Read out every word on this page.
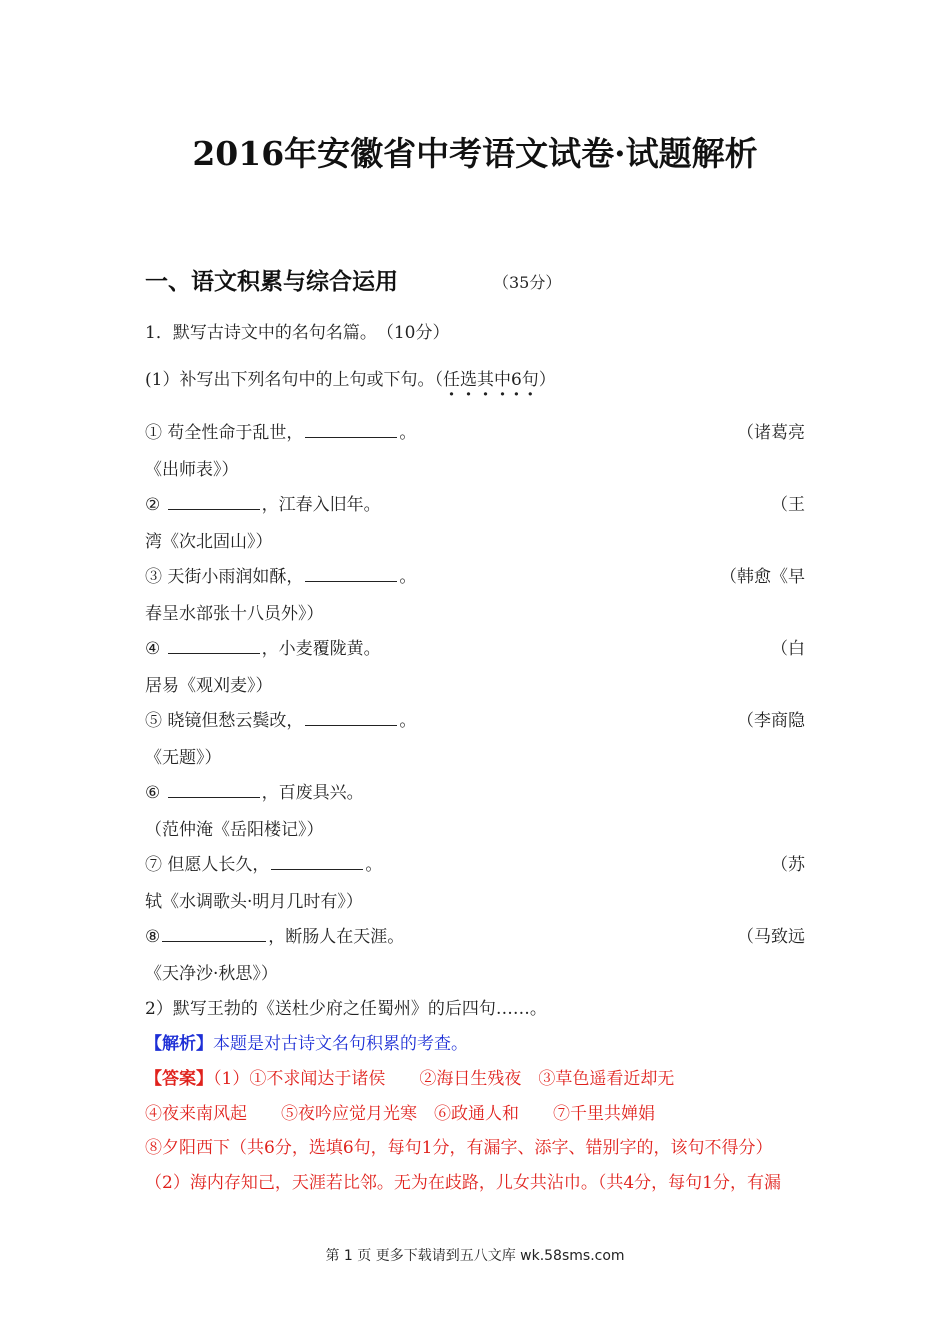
2016年安徽省中考语文试卷·试题解析
一、语文积累与综合运用	（35分）
1．默写古诗文中的名句名篇。　（10分）
(1）补写出下列名句中的上句或下句。（任选其中6 ·句）
① 苟全性命于乱世，	。	（诸葛亮
《出师表》）
②	，江春入旧年。	（王
湾《次北固山》）
③ 天街小雨润如酥，	。	（韩愈《早
春呈水部张十八员外》）
④	，小麦覆陇黄。	（白
居易《观刈麦》）
⑤ 晓镜但愁云鬓改，	。	（李商隐
《无题》）
⑥	，百废具兴。
（范仲淹《岳阳楼记》）
⑦ 但愿人长久，	。	（苏
轼《水调歌头·明月几时有》）
⑧	，断肠人在天涯。	（马致远
《天净沙·秋思》）
2）默写王勃的《送杜少府之任蜀州》的后四句……。
【解析】本题是对古诗文名句积累的考查。
【答案】（1）①不求闻达于诸侯　　②海日生残夜　③草色遥看近却无
④夜来南风起　　⑤夜吟应觉月光寒　⑥政通人和　　⑦千里共婵娟
⑧夕阳西下（共6分，选填6句，每句1分，有漏字、添字、错别字的，该句不得分）
（2）海内存知己，天涯若比邻。无为在歧路，儿女共沾巾。（共4分，每句1分，有漏
第 1 页 更多下载请到五八文库 wk.58sms.com
